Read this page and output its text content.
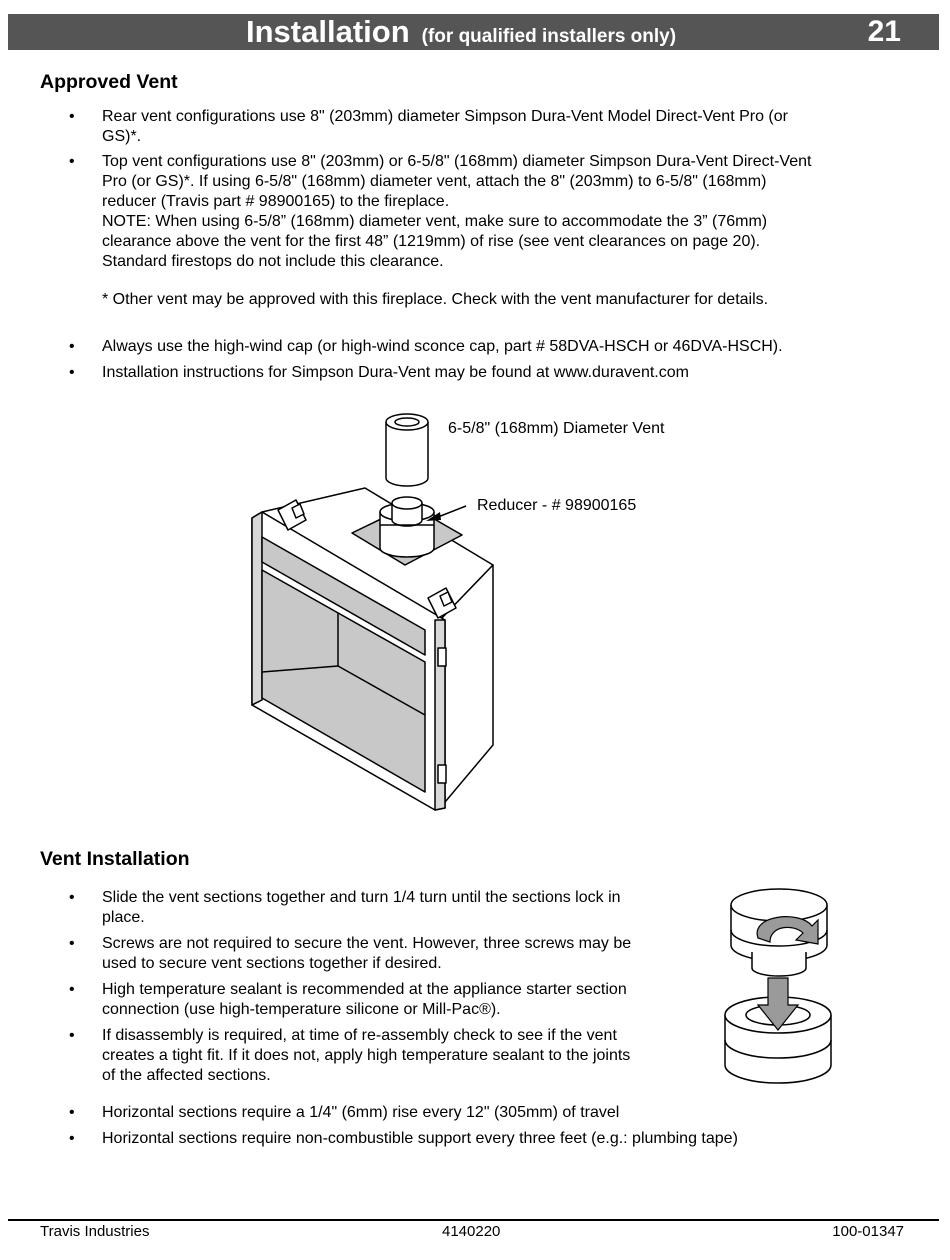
Installation (for qualified installers only)	21
Approved Vent
• Rear vent configurations use 8" (203mm) diameter Simpson Dura-Vent Model Direct-Vent Pro (or
GS)*.
• Top vent configurations use 8" (203mm) or 6-5/8" (168mm) diameter Simpson Dura-Vent Direct-Vent
Pro (or GS)*. If using 6-5/8" (168mm) diameter vent, attach the 8" (203mm) to 6-5/8" (168mm)
reducer (Travis part # 98900165) to the fireplace.
NOTE: When using 6-5/8” (168mm) diameter vent, make sure to accommodate the 3” (76mm)
clearance above the vent for the first 48” (1219mm) of rise (see vent clearances on page 20).
Standard firestops do not include this clearance.
* Other vent may be approved with this fireplace. Check with the vent manufacturer for details.
• Always use the high-wind cap (or high-wind sconce cap, part # 58DVA-HSCH or 46DVA-HSCH).
• Installation instructions for Simpson Dura-Vent may be found at www.duravent.com
6-5/8" (168mm) Diameter Vent
Reducer - # 98900165
Vent Installation
• Slide the vent sections together and turn 1/4 turn until the sections lock in
place.
• Screws are not required to secure the vent. However, three screws may be
used to secure vent sections together if desired.
• High temperature sealant is recommended at the appliance starter section
connection (use high-temperature silicone or Mill-Pac®).
• If disassembly is required, at time of re-assembly check to see if the vent
creates a tight fit. If it does not, apply high temperature sealant to the joints
of the affected sections.
• Horizontal sections require a 1/4" (6mm) rise every 12" (305mm) of travel
• Horizontal sections require non-combustible support every three feet (e.g.: plumbing tape)
Travis Industries	4140220	100-01347
